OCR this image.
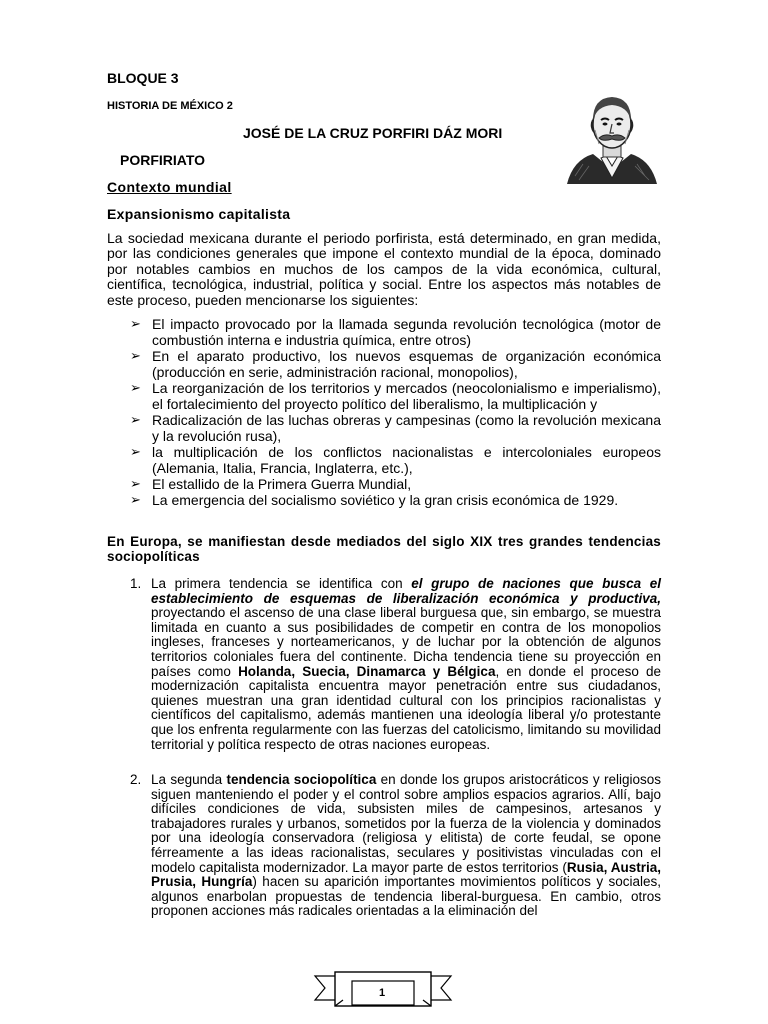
BLOQUE 3
HISTORIA DE MÉXICO 2
JOSÉ DE LA CRUZ PORFIRI DÁZ MORI
PORFIRIATO
Contexto mundial
Expansionismo capitalista
La sociedad mexicana durante el periodo porfirista, está determinado, en gran medida, por las condiciones generales que impone el contexto mundial de la época, dominado por notables cambios en muchos de los campos de la vida económica, cultural, científica, tecnológica, industrial, política y social. Entre los aspectos más notables de este proceso, pueden mencionarse los siguientes:
➢ El impacto provocado por la llamada segunda revolución tecnológica (motor de combustión interna e industria química, entre otros)
➢ En el aparato productivo, los nuevos esquemas de organización económica (producción en serie, administración racional, monopolios),
➢ La reorganización de los territorios y mercados (neocolonialismo e imperialismo), el fortalecimiento del proyecto político del liberalismo, la multiplicación y
➢ Radicalización de las luchas obreras y campesinas (como la revolución mexicana y la revolución rusa),
➢ la multiplicación de los conflictos nacionalistas e intercoloniales europeos (Alemania, Italia, Francia, Inglaterra, etc.),
➢ El estallido de la Primera Guerra Mundial,
➢ La emergencia del socialismo soviético y la gran crisis económica de 1929.
En Europa, se manifiestan desde mediados del siglo XIX tres grandes tendencias sociopolíticas
1. La primera tendencia se identifica con el grupo de naciones que busca el establecimiento de esquemas de liberalización económica y productiva, proyectando el ascenso de una clase liberal burguesa que, sin embargo, se muestra limitada en cuanto a sus posibilidades de competir en contra de los monopolios ingleses, franceses y norteamericanos, y de luchar por la obtención de algunos territorios coloniales fuera del continente. Dicha tendencia tiene su proyección en países como Holanda, Suecia, Dinamarca y Bélgica, en donde el proceso de modernización capitalista encuentra mayor penetración entre sus ciudadanos, quienes muestran una gran identidad cultural con los principios racionalistas y científicos del capitalismo, además mantienen una ideología liberal y/o protestante que los enfrenta regularmente con las fuerzas del catolicismo, limitando su movilidad territorial y política respecto de otras naciones europeas.
2. La segunda tendencia sociopolítica en donde los grupos aristocráticos y religiosos siguen manteniendo el poder y el control sobre amplios espacios agrarios. Allí, bajo difíciles condiciones de vida, subsisten miles de campesinos, artesanos y trabajadores rurales y urbanos, sometidos por la fuerza de la violencia y dominados por una ideología conservadora (religiosa y elitista) de corte feudal, se opone férreamente a las ideas racionalistas, seculares y positivistas vinculadas con el modelo capitalista modernizador. La mayor parte de estos territorios (Rusia, Austria, Prusia, Hungría) hacen su aparición importantes movimientos políticos y sociales, algunos enarbolan propuestas de tendencia liberal-burguesa. En cambio, otros proponen acciones más radicales orientadas a la eliminación del
1
